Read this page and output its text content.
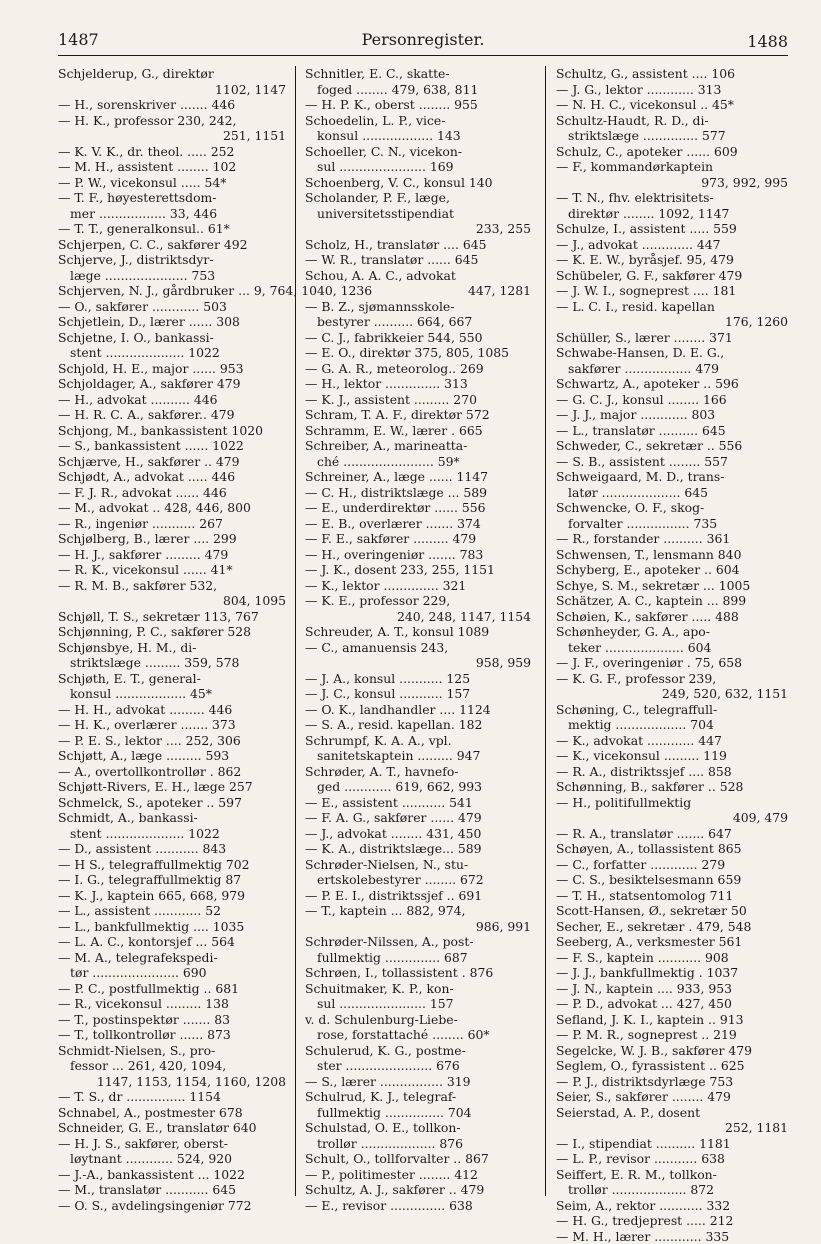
1487	Personregister.	1488
Schjelderup, G., direktør
1102, 1147
— H., sorenskriver ....... 446
— H. K., professor 230, 242,
251, 1151
— K. V. K., dr. theol. ..... 252
— M. H., assistent ........ 102
— P. W., vicekonsul ..... 54*
— T. F., høyesterettsdom-
mer ................. 33, 446
— T. T., generalkonsul.. 61*
Schjerpen, C. C., sakfører 492
Schjerve, J., distriktsdyr-
læge ..................... 753
Schjerven, N. J., gårdbruker ... 9, 764, 1040, 1236
— O., sakfører ............ 503
Schjetlein, D., lærer ...... 308
Schjetne, I. O., bankassi-
stent .................... 1022
Schjold, H. E., major ...... 953
Schjoldager, A., sakfører 479
— H., advokat .......... 446
— H. R. C. A., sakfører.. 479
Schjong, M., bankassistent 1020
— S., bankassistent ...... 1022
Schjærve, H., sakfører .. 479
Schjødt, A., advokat ..... 446
— F. J. R., advokat ...... 446
— M., advokat .. 428, 446, 800
— R., ingeniør ........... 267
Schjølberg, B., lærer .... 299
— H. J., sakfører ......... 479
— R. K., vicekonsul ...... 41*
— R. M. B., sakfører 532,
804, 1095
Schjøll, T. S., sekretær 113, 767
Schjønning, P. C., sakfører 528
Schjønsbye, H. M., di-
striktslæge ......... 359, 578
Schjøth, E. T., general-
konsul .................. 45*
— H. H., advokat ......... 446
— H. K., overlærer ....... 373
— P. E. S., lektor .... 252, 306
Schjøtt, A., læge ......... 593
— A., overtollkontrollør . 862
Schjøtt-Rivers, E. H., læge 257
Schmelck, S., apoteker .. 597
Schmidt, A., bankassi-
stent .................... 1022
— D., assistent ........... 843
— H S., telegraffullmektig 702
— I. G., telegraffullmektig 87
— K. J., kaptein 665, 668, 979
— L., assistent ............ 52
— L., bankfullmektig .... 1035
— L. A. C., kontorsjef ... 564
— M. A., telegrafekspedi-
tør ...................... 690
— P. C., postfullmektig .. 681
— R., vicekonsul ......... 138
— T., postinspektør ....... 83
— T., tollkontrollør ...... 873
Schmidt-Nielsen, S., pro-
fessor ... 261, 420, 1094,
1147, 1153, 1154, 1160, 1208
— T. S., dr ............... 1154
Schnabel, A., postmester 678
Schneider, G. E., translatør 640
— H. J. S., sakfører, oberst-
løytnant ............ 524, 920
— J.-A., bankassistent ... 1022
— M., translatør ........... 645
— O. S., avdelingsingeniør 772
Schnitler, E. C., skatte-
foged ........ 479, 638, 811
— H. P. K., oberst ........ 955
Schoedelin, L. P., vice-
konsul .................. 143
Schoeller, C. N., vicekon-
sul ...................... 169
Schoenberg, V. C., konsul 140
Scholander, P. F., læge,
universitetsstipendiat
233, 255
Scholz, H., translatør .... 645
— W. R., translatør ...... 645
Schou, A. A. C., advokat
447, 1281
— B. Z., sjømannsskole-
bestyrer .......... 664, 667
— C. J., fabrikkeier 544, 550
— E. O., direktør 375, 805, 1085
— G. A. R., meteorolog.. 269
— H., lektor .............. 313
— K. J., assistent ......... 270
Schram, T. A. F., direktør 572
Schramm, E. W., lærer . 665
Schreiber, A., marineatta-
ché ....................... 59*
Schreiner, A., læge ...... 1147
— C. H., distriktslæge ... 589
— E., underdirektør ...... 556
— E. B., overlærer ....... 374
— F. E., sakfører ......... 479
— H., overingeniør ....... 783
— J. K., dosent 233, 255, 1151
— K., lektor .............. 321
— K. E., professor 229,
240, 248, 1147, 1154
Schreuder, A. T., konsul 1089
— C., amanuensis 243,
958, 959
— J. A., konsul ........... 125
— J. C., konsul ........... 157
— O. K., landhandler .... 1124
— S. A., resid. kapellan. 182
Schrumpf, K. A. A., vpl.
sanitetskaptein ......... 947
Schrøder, A. T., havnefo-
ged ............ 619, 662, 993
— E., assistent ........... 541
— F. A. G., sakfører ...... 479
— J., advokat ........ 431, 450
— K. A., distriktslæge... 589
Schrøder-Nielsen, N., stu-
ertskolebestyrer ........ 672
— P. E. I., distriktssjef .. 691
— T., kaptein ... 882, 974,
986, 991
Schrøder-Nilssen, A., post-
fullmektig .............. 687
Schrøen, I., tollassistent . 876
Schuitmaker, K. P., kon-
sul ...................... 157
v. d. Schulenburg-Liebe-
rose, forstattaché ........ 60*
Schulerud, K. G., postme-
ster ...................... 676
— S., lærer ................ 319
Schulrud, K. J., telegraf-
fullmektig ............... 704
Schulstad, O. E., tollkon-
trollør ................... 876
Schult, O., tollforvalter .. 867
— P., politimester ........ 412
Schultz, A. J., sakfører .. 479
— E., revisor .............. 638
Schultz, G., assistent .... 106
— J. G., lektor ............ 313
— N. H. C., vicekonsul .. 45*
Schultz-Haudt, R. D., di-
striktslæge .............. 577
Schulz, C., apoteker ...... 609
— F., kommandørkaptein
973, 992, 995
— T. N., fhv. elektrisitets-
direktør ........ 1092, 1147
Schulze, I., assistent ..... 559
— J., advokat ............. 447
— K. E. W., byråsjef. 95, 479
Schübeler, G. F., sakfører 479
— J. W. I., sogneprest .... 181
— L. C. I., resid. kapellan
176, 1260
Schüller, S., lærer ........ 371
Schwabe-Hansen, D. E. G.,
sakfører ................. 479
Schwartz, A., apoteker .. 596
— G. C. J., konsul ........ 166
— J. J., major ............ 803
— L., translatør .......... 645
Schweder, C., sekretær .. 556
— S. B., assistent ........ 557
Schweigaard, M. D., trans-
latør .................... 645
Schwencke, O. F., skog-
forvalter ................ 735
— R., forstander .......... 361
Schwensen, T., lensmann 840
Schyberg, E., apoteker .. 604
Schye, S. M., sekretær ... 1005
Schätzer, A. C., kaptein ... 899
Schøien, K., sakfører ..... 488
Schønheyder, G. A., apo-
teker .................... 604
— J. F., overingeniør . 75, 658
— K. G. F., professor 239,
249, 520, 632, 1151
Schøning, C., telegraffull-
mektig .................. 704
— K., advokat ............ 447
— K., vicekonsul ......... 119
— R. A., distriktssjef .... 858
Schønning, B., sakfører .. 528
— H., politifullmektig
409, 479
— R. A., translatør ....... 647
Schøyen, A., tollassistent 865
— C., forfatter ............ 279
— C. S., besiktelsesmann 659
— T. H., statsentomolog 711
Scott-Hansen, Ø., sekretær 50
Secher, E., sekretær . 479, 548
Seeberg, A., verksmester 561
— F. S., kaptein ........... 908
— J. J., bankfullmektig . 1037
— J. N., kaptein .... 933, 953
— P. D., advokat ... 427, 450
Sefland, J. K. I., kaptein .. 913
— P. M. R., sogneprest .. 219
Segelcke, W. J. B., sakfører 479
Seglem, O., fyrassistent .. 625
— P. J., distriktsdyrlæge 753
Seier, S., sakfører ........ 479
Seierstad, A. P., dosent
252, 1181
— I., stipendiat .......... 1181
— L. P., revisor ........... 638
Seiffert, E. R. M., tollkon-
trollør ................... 872
Seim, A., rektor ........... 332
— H. G., tredjeprest ..... 212
— M. H., lærer ............ 335
